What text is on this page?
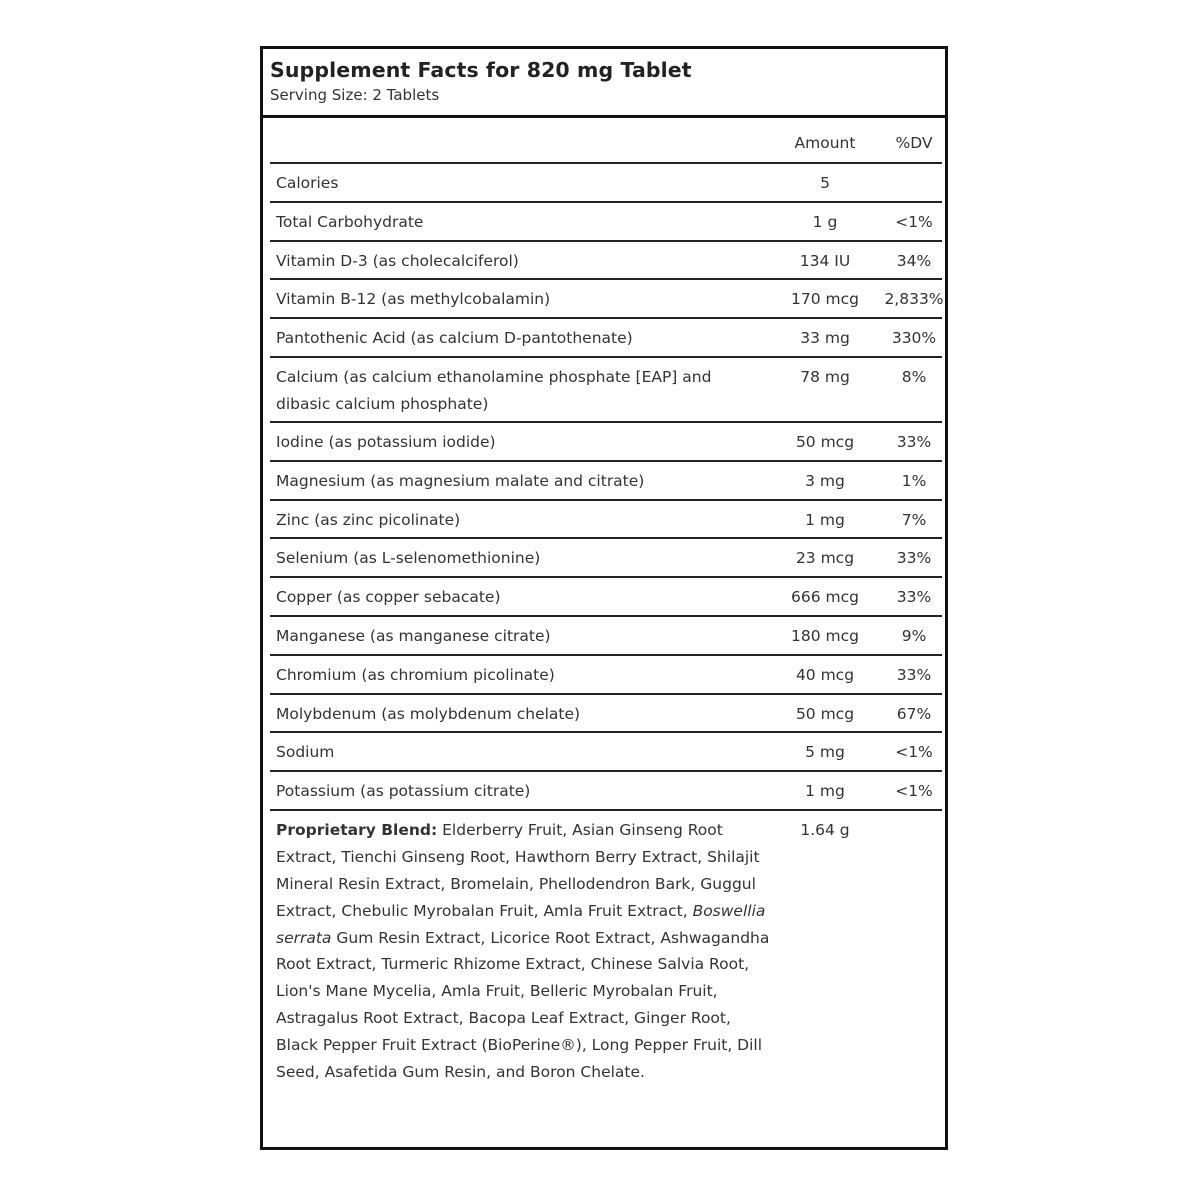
Supplement Facts for 820 mg Tablet
Serving Size: 2 Tablets
Amount	%DV
Calories	5
Total Carbohydrate	1 g	<1%
Vitamin D-3 (as cholecalciferol)	134 IU	34%
Vitamin B-12 (as methylcobalamin)	170 mcg	2,833%
Pantothenic Acid (as calcium D-pantothenate)	33 mg	330%
Calcium (as calcium ethanolamine phosphate [EAP] and dibasic calcium phosphate)
78 mg	8%
Iodine (as potassium iodide)	50 mcg	33%
Magnesium (as magnesium malate and citrate)	3 mg	1%
Zinc (as zinc picolinate)	1 mg	7%
Selenium (as L-selenomethionine)	23 mcg	33%
Copper (as copper sebacate)	666 mcg	33%
Manganese (as manganese citrate)	180 mcg	9%
Chromium (as chromium picolinate)	40 mcg	33%
Molybdenum (as molybdenum chelate)	50 mcg	67%
Sodium	5 mg	<1%
Potassium (as potassium citrate)	1 mg	<1%
Proprietary Blend: Elderberry Fruit, Asian Ginseng Root Extract, Tienchi Ginseng Root, Hawthorn Berry Extract, Shilajit Mineral Resin Extract, Bromelain, Phellodendron Bark, Guggul Extract, Chebulic Myrobalan Fruit, Amla Fruit Extract, Boswellia serrata Gum Resin Extract, Licorice Root Extract, Ashwagandha Root Extract, Turmeric Rhizome Extract, Chinese Salvia Root, Lion's Mane Mycelia, Amla Fruit, Belleric Myrobalan Fruit, Astragalus Root Extract, Bacopa Leaf Extract, Ginger Root, Black Pepper Fruit Extract (BioPerine®), Long Pepper Fruit, Dill Seed, Asafetida Gum Resin, and Boron Chelate.
1.64 g
